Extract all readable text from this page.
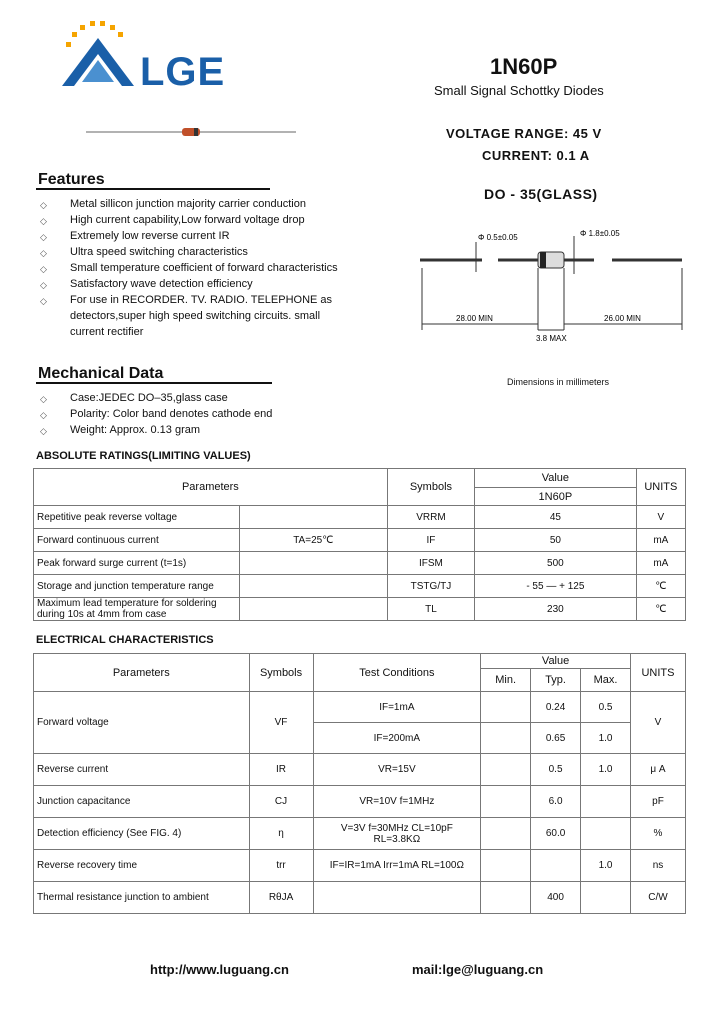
LGE	1N60P
Small Signal Schottky Diodes
VOLTAGE RANGE: 45 V
CURRENT: 0.1 A
DO - 35(GLASS)
Φ 0.5±0.05	Φ 1.8±0.05
28.00 MIN	26.00 MIN
3.8 MAX
Dimensions in millimeters
Features
◇ Metal sillicon junction majority carrier conduction
◇ High current capability,Low forward voltage drop
◇ Extremely low reverse current IR
◇ Ultra speed switching characteristics
◇ Small temperature coefficient of forward characteristics
◇ Satisfactory wave detection efficiency
◇ For use in RECORDER. TV. RADIO. TELEPHONE as detectors,super high speed switching circuits. small current rectifier
Mechanical Data
◇ Case:JEDEC DO–35,glass case
◇ Polarity: Color band denotes cathode end
◇ Weight: Approx. 0.13 gram
ABSOLUTE RATINGS(LIMITING VALUES)
Parameters		Symbols	Value	UNITS
			1N60P	
Repetitive peak reverse voltage		VRRM	45	V
Forward continuous current	TA=25℃	IF	50	mA
Peak forward surge current (t=1s)		IFSM	500	mA
Storage and junction temperature range		TSTG/TJ	- 55 — + 125	℃
Maximum lead temperature for soldering during 10s at 4mm from case		TL	230	℃
ELECTRICAL CHARACTERISTICS
Parameters	Symbols	Test Conditions	Value			UNITS
			Min.	Typ.	Max.	
Forward voltage	VF	IF=1mA		0.24	0.5	V
		IF=200mA		0.65	1.0	
Reverse current	IR	VR=15V		0.5	1.0	μ A
Junction capacitance	CJ	VR=10V f=1MHz		6.0		pF
Detection efficiency (See FIG. 4)	η	V=3V f=30MHz CL=10pF RL=3.8KΩ		60.0		%
Reverse recovery time	trr	IF=IR=1mA Irr=1mA RL=100Ω			1.0	ns
Thermal resistance junction to ambient	RθJA			400		C/W
http://www.luguang.cn	mail:lge@luguang.cn
